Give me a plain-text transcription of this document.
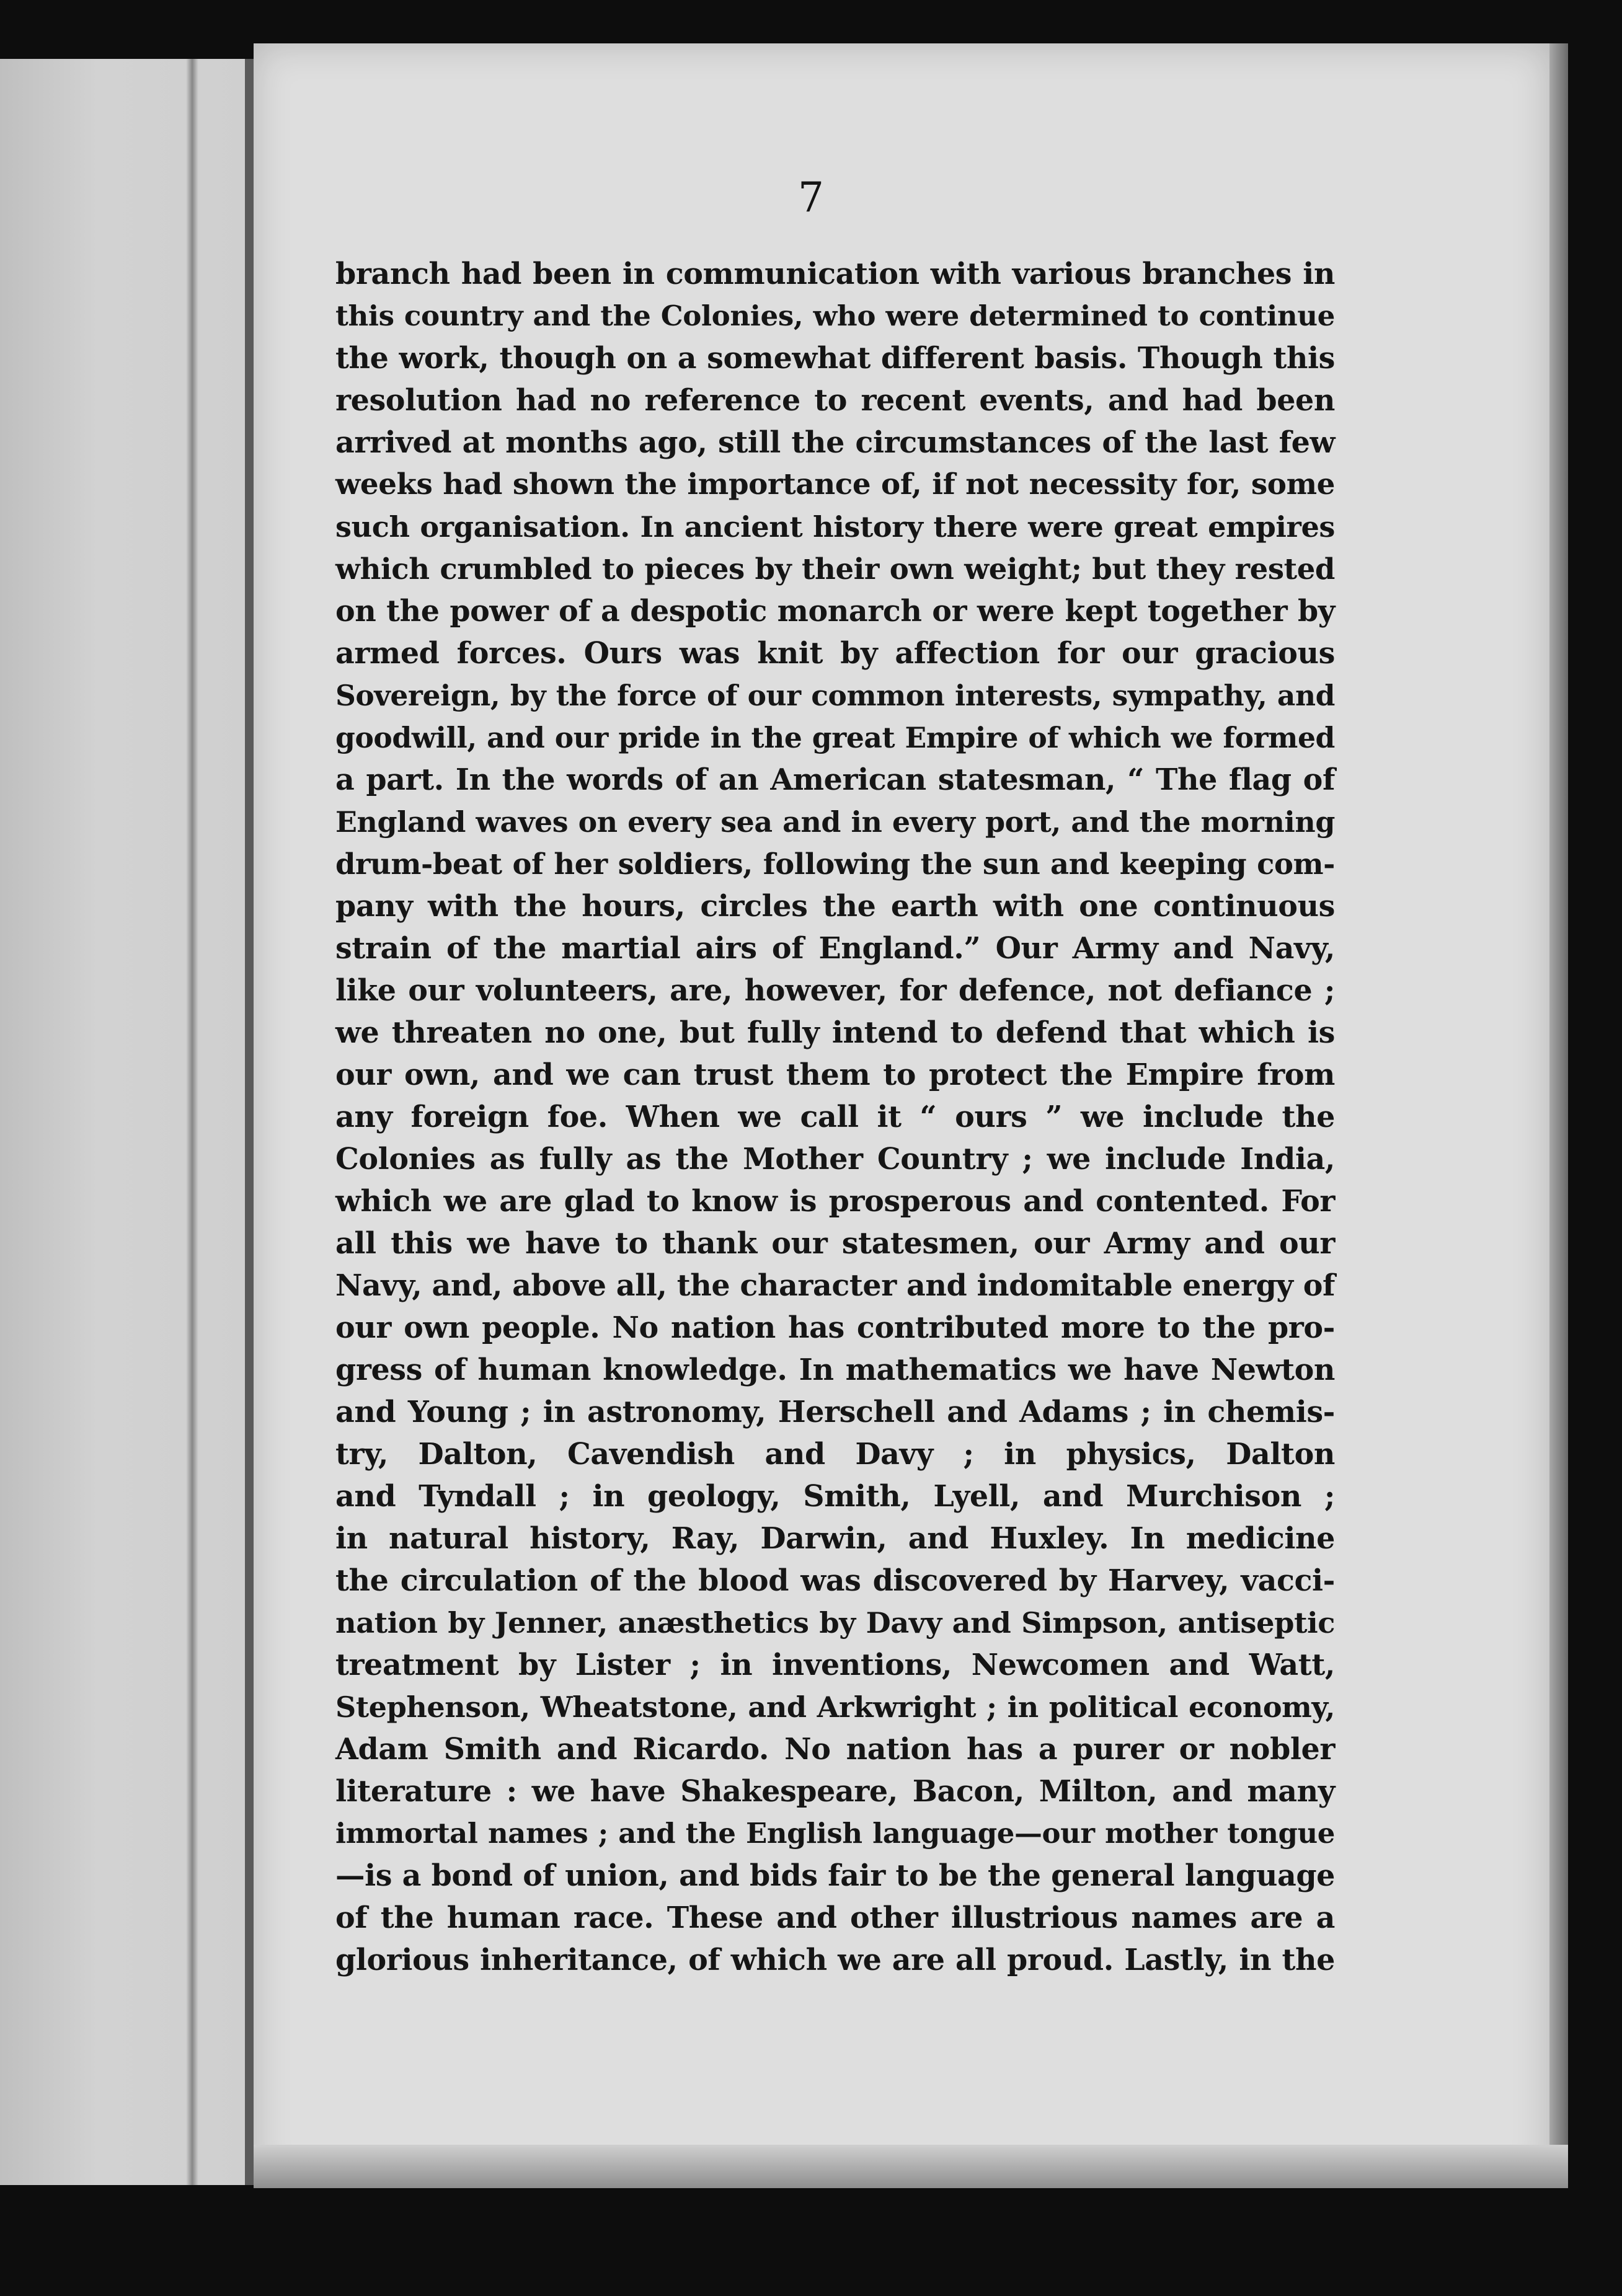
7
branch had been in communication with various branches in
this country and the Colonies, who were determined to continue
the work, though on a somewhat different basis. Though this
resolution had no reference to recent events, and had been
arrived at months ago, still the circumstances of the last few
weeks had shown the importance of, if not necessity for, some
such organisation. In ancient history there were great empires
which crumbled to pieces by their own weight; but they rested
on the power of a despotic monarch or were kept together by
armed forces. Ours was knit by affection for our gracious
Sovereign, by the force of our common interests, sympathy, and
goodwill, and our pride in the great Empire of which we formed
a part. In the words of an American statesman, “ The flag of
England waves on every sea and in every port, and the morning
drum-beat of her soldiers, following the sun and keeping com-
pany with the hours, circles the earth with one continuous
strain of the martial airs of England.” Our Army and Navy,
like our volunteers, are, however, for defence, not defiance ;
we threaten no one, but fully intend to defend that which is
our own, and we can trust them to protect the Empire from
any foreign foe. When we call it “ ours ” we include the
Colonies as fully as the Mother Country ; we include India,
which we are glad to know is prosperous and contented. For
all this we have to thank our statesmen, our Army and our
Navy, and, above all, the character and indomitable energy of
our own people. No nation has contributed more to the pro-
gress of human knowledge. In mathematics we have Newton
and Young ; in astronomy, Herschell and Adams ; in chemis-
try, Dalton, Cavendish and Davy ; in physics, Dalton
and Tyndall ; in geology, Smith, Lyell, and Murchison ;
in natural history, Ray, Darwin, and Huxley. In medicine
the circulation of the blood was discovered by Harvey, vacci-
nation by Jenner, anæsthetics by Davy and Simpson, antiseptic
treatment by Lister ; in inventions, Newcomen and Watt,
Stephenson, Wheatstone, and Arkwright ; in political economy,
Adam Smith and Ricardo. No nation has a purer or nobler
literature : we have Shakespeare, Bacon, Milton, and many
immortal names ; and the English language—our mother tongue
—is a bond of union, and bids fair to be the general language
of the human race. These and other illustrious names are a
glorious inheritance, of which we are all proud. Lastly, in the
